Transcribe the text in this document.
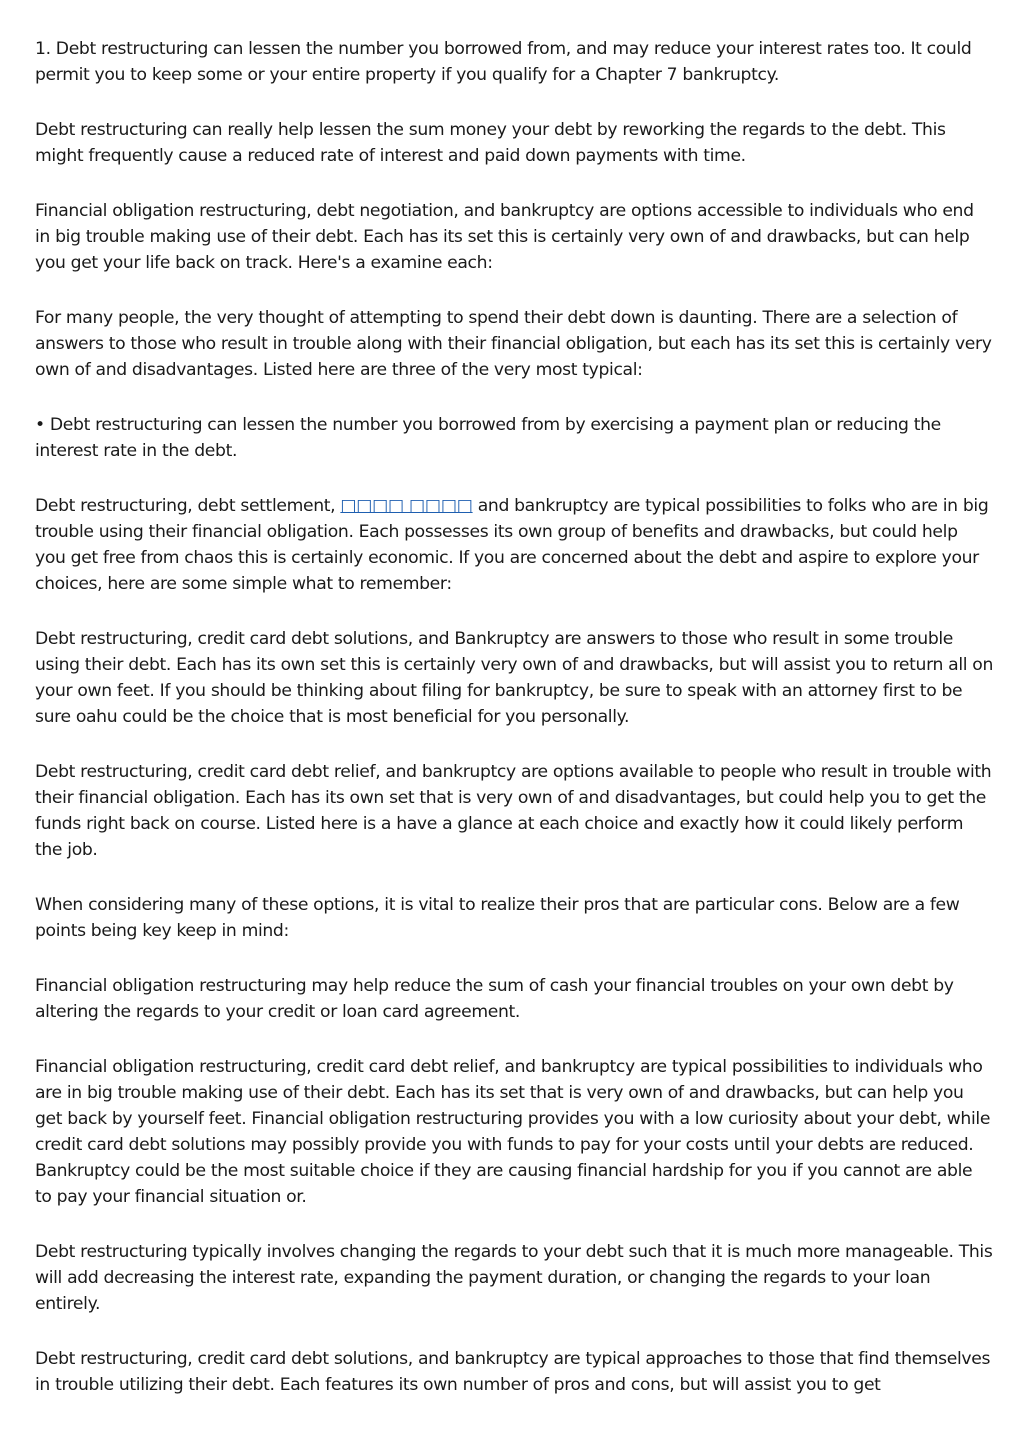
1. Debt restructuring can lessen the number you borrowed from, and may reduce your interest rates too. It could permit you to keep some or your entire property if you qualify for a Chapter 7 bankruptcy.

Debt restructuring can really help lessen the sum money your debt by reworking the regards to the debt. This might frequently cause a reduced rate of interest and paid down payments with time.

Financial obligation restructuring, debt negotiation, and bankruptcy are options accessible to individuals who end in big trouble making use of their debt. Each has its set this is certainly very own of and drawbacks, but can help you get your life back on track. Here's a examine each:

For many people, the very thought of attempting to spend their debt down is daunting. There are a selection of answers to those who result in trouble along with their financial obligation, but each has its set this is certainly very own of and disadvantages. Listed here are three of the very most typical:

• Debt restructuring can lessen the number you borrowed from by exercising a payment plan or reducing the interest rate in the debt.

Debt restructuring, debt settlement, □□□□ □□□□ and bankruptcy are typical possibilities to folks who are in big trouble using their financial obligation. Each possesses its own group of benefits and drawbacks, but could help you get free from chaos this is certainly economic. If you are concerned about the debt and aspire to explore your choices, here are some simple what to remember:

Debt restructuring, credit card debt solutions, and Bankruptcy are answers to those who result in some trouble using their debt. Each has its own set this is certainly very own of and drawbacks, but will assist you to return all on your own feet. If you should be thinking about filing for bankruptcy, be sure to speak with an attorney first to be sure oahu could be the choice that is most beneficial for you personally.

Debt restructuring, credit card debt relief, and bankruptcy are options available to people who result in trouble with their financial obligation. Each has its own set that is very own of and disadvantages, but could help you to get the funds right back on course. Listed here is a have a glance at each choice and exactly how it could likely perform the job.

When considering many of these options, it is vital to realize their pros that are particular cons. Below are a few points being key keep in mind:

Financial obligation restructuring may help reduce the sum of cash your financial troubles on your own debt by altering the regards to your credit or loan card agreement.

Financial obligation restructuring, credit card debt relief, and bankruptcy are typical possibilities to individuals who are in big trouble making use of their debt. Each has its set that is very own of and drawbacks, but can help you get back by yourself feet. Financial obligation restructuring provides you with a low curiosity about your debt, while credit card debt solutions may possibly provide you with funds to pay for your costs until your debts are reduced. Bankruptcy could be the most suitable choice if they are causing financial hardship for you if you cannot are able to pay your financial situation or.

Debt restructuring typically involves changing the regards to your debt such that it is much more manageable. This will add decreasing the interest rate, expanding the payment duration, or changing the regards to your loan entirely.

Debt restructuring, credit card debt solutions, and bankruptcy are typical approaches to those that find themselves in trouble utilizing their debt. Each features its own number of pros and cons, but will assist you to get
